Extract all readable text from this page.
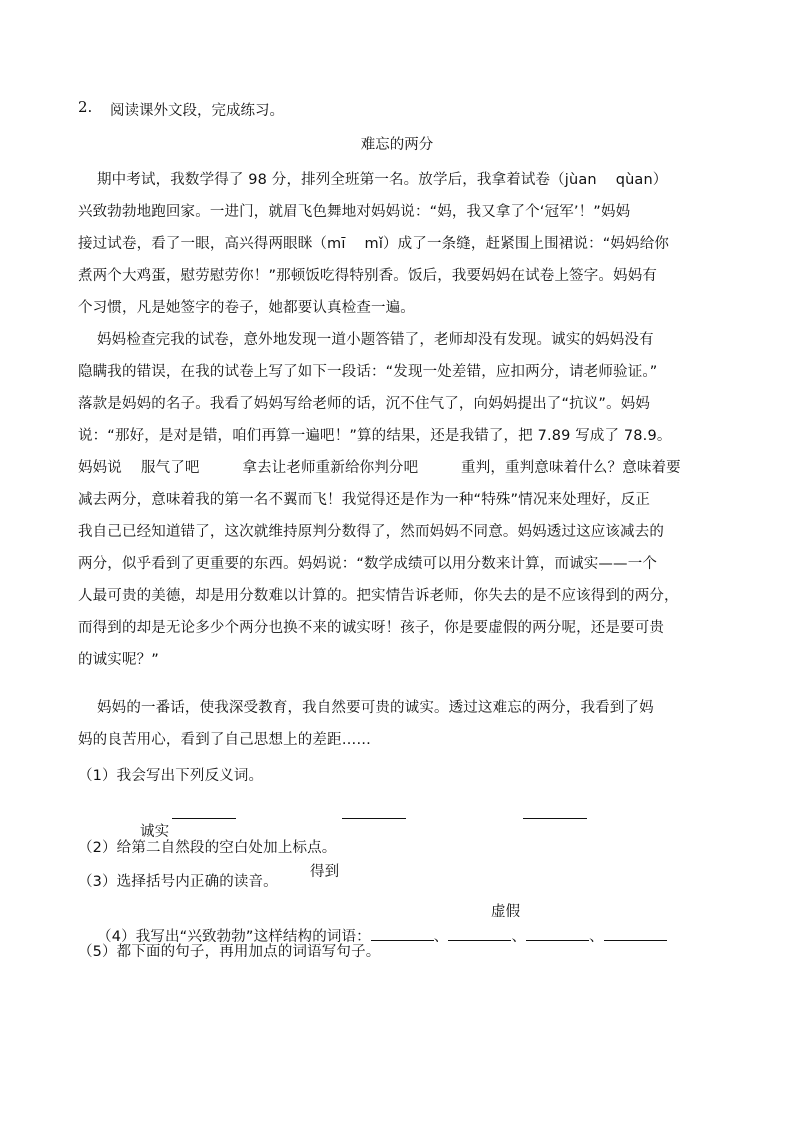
2. 阅读课外文段，完成练习。
难忘的两分
期中考试，我数学得了 98 分，排列全班第一名。放学后，我拿着试卷（jùan    qùan）
兴致勃勃地跑回家。一进门，就眉飞色舞地对妈妈说：“妈，我又拿了个‘冠军’！”妈妈
接过试卷，看了一眼，高兴得两眼眯（mī    mǐ）成了一条缝，赶紧围上围裙说：“妈妈给你
煮两个大鸡蛋，慰劳慰劳你！”那顿饭吃得特别香。饭后，我要妈妈在试卷上签字。妈妈有
个习惯，凡是她签字的卷子，她都要认真检查一遍。
妈妈检查完我的试卷，意外地发现一道小题答错了，老师却没有发现。诚实的妈妈没有
隐瞒我的错误，在我的试卷上写了如下一段话：“发现一处差错，应扣两分，请老师验证。”
落款是妈妈的名子。我看了妈妈写给老师的话，沉不住气了，向妈妈提出了“抗议”。妈妈
说：“那好，是对是错，咱们再算一遍吧！”算的结果，还是我错了，把 7.89 写成了 78.9。
妈妈说    服气了吧         拿去让老师重新给你判分吧         重判，重判意味着什么？意味着要
减去两分，意味着我的第一名不翼而飞！我觉得还是作为一种“特殊”情况来处理好，反正
我自己已经知道错了，这次就维持原判分数得了，然而妈妈不同意。妈妈透过这应该减去的
两分，似乎看到了更重要的东西。妈妈说：“数学成绩可以用分数来计算，而诚实——一个
人最可贵的美德，却是用分数难以计算的。把实情告诉老师，你失去的是不应该得到的两分，
而得到的却是无论多少个两分也换不来的诚实呀！孩子，你是要虚假的两分呢，还是要可贵
的诚实呢？”
妈妈的一番话，使我深受教育，我自然要可贵的诚实。透过这难忘的两分，我看到了妈
妈的良苦用心，看到了自己思想上的差距……
（1）我会写出下列反义词。

诚实

得到

虚假

（2）给第二自然段的空白处加上标点。
（3）选择括号内正确的读音。

（4）我写出“兴致勃勃”这样结构的词语：	、	、	、

（5）都下面的句子，再用加点的词语写句子。
